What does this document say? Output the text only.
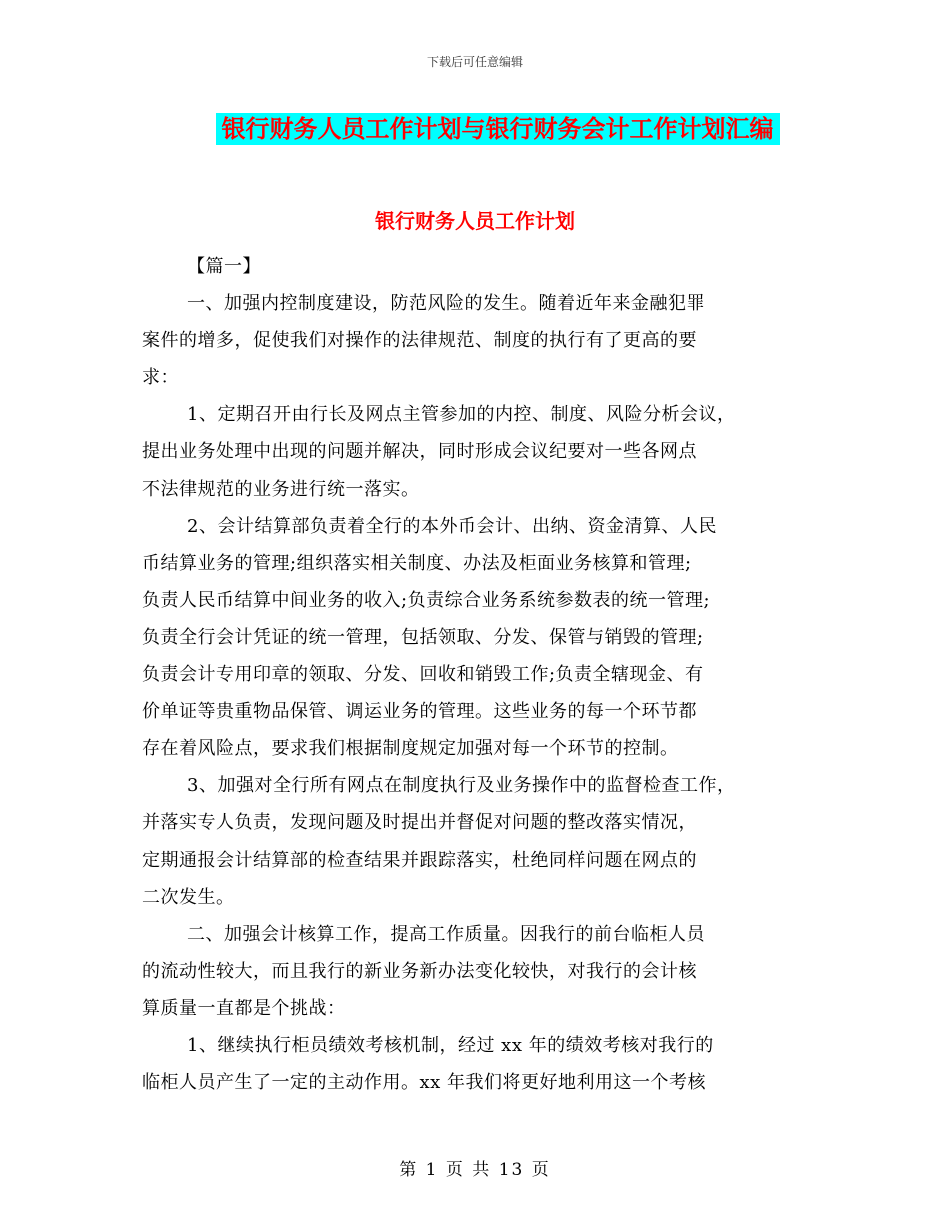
下载后可任意编辑
银行财务人员工作计划与银行财务会计工作计划汇编
银行财务人员工作计划

【篇一】

一、加强内控制度建设，防范风险的发生。随着近年来金融犯罪

案件的增多，促使我们对操作的法律规范、制度的执行有了更高的要

求：

1、定期召开由行长及网点主管参加的内控、制度、风险分析会议，

提出业务处理中出现的问题并解决，同时形成会议纪要对一些各网点

不法律规范的业务进行统一落实。

2、会计结算部负责着全行的本外币会计、出纳、资金清算、人民

币结算业务的管理;组织落实相关制度、办法及柜面业务核算和管理;

负责人民币结算中间业务的收入;负责综合业务系统参数表的统一管理;

负责全行会计凭证的统一管理，包括领取、分发、保管与销毁的管理;

负责会计专用印章的领取、分发、回收和销毁工作;负责全辖现金、有

价单证等贵重物品保管、调运业务的管理。这些业务的每一个环节都

存在着风险点，要求我们根据制度规定加强对每一个环节的控制。

3、加强对全行所有网点在制度执行及业务操作中的监督检查工作，

并落实专人负责，发现问题及时提出并督促对问题的整改落实情况，

定期通报会计结算部的检查结果并跟踪落实，杜绝同样问题在网点的

二次发生。

二、加强会计核算工作，提高工作质量。因我行的前台临柜人员

的流动性较大，而且我行的新业务新办法变化较快，对我行的会计核

算质量一直都是个挑战：

1、继续执行柜员绩效考核机制，经过 xx 年的绩效考核对我行的

临柜人员产生了一定的主动作用。xx 年我们将更好地利用这一个考核

第 1 页 共 13 页
